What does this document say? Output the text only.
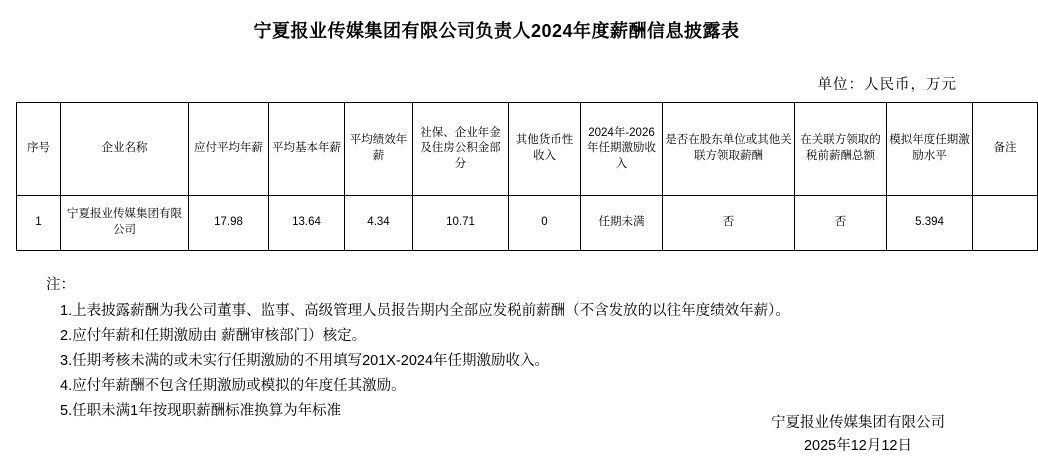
宁夏报业传媒集团有限公司负责人2024年度薪酬信息披露表
单位：人民币，万元
序号	企业名称	应付平均年薪	平均基本年薪	平均绩效年薪	社保、企业年金及住房公积金部分	其他货币性收入	2024年-2026年任期激励收入	是否在股东单位或其他关联方领取薪酬	在关联方领取的税前薪酬总额	模拟年度任期激励水平	备注
1	宁夏报业传媒集团有限公司	17.98	13.64	4.34	10.71	0	任期未满	否	否	5.394	
注：
1.上表披露薪酬为我公司董事、监事、高级管理人员报告期内全部应发税前薪酬（不含发放的以往年度绩效年薪）。
2.应付年薪和任期激励由 薪酬审核部门）核定。
3.任期考核未满的或未实行任期激励的不用填写201X-2024年任期激励收入。
4.应付年薪酬不包含任期激励或模拟的年度任其激励。
5.任职未满1年按现职薪酬标准换算为年标准
宁夏报业传媒集团有限公司
2025年12月12日
